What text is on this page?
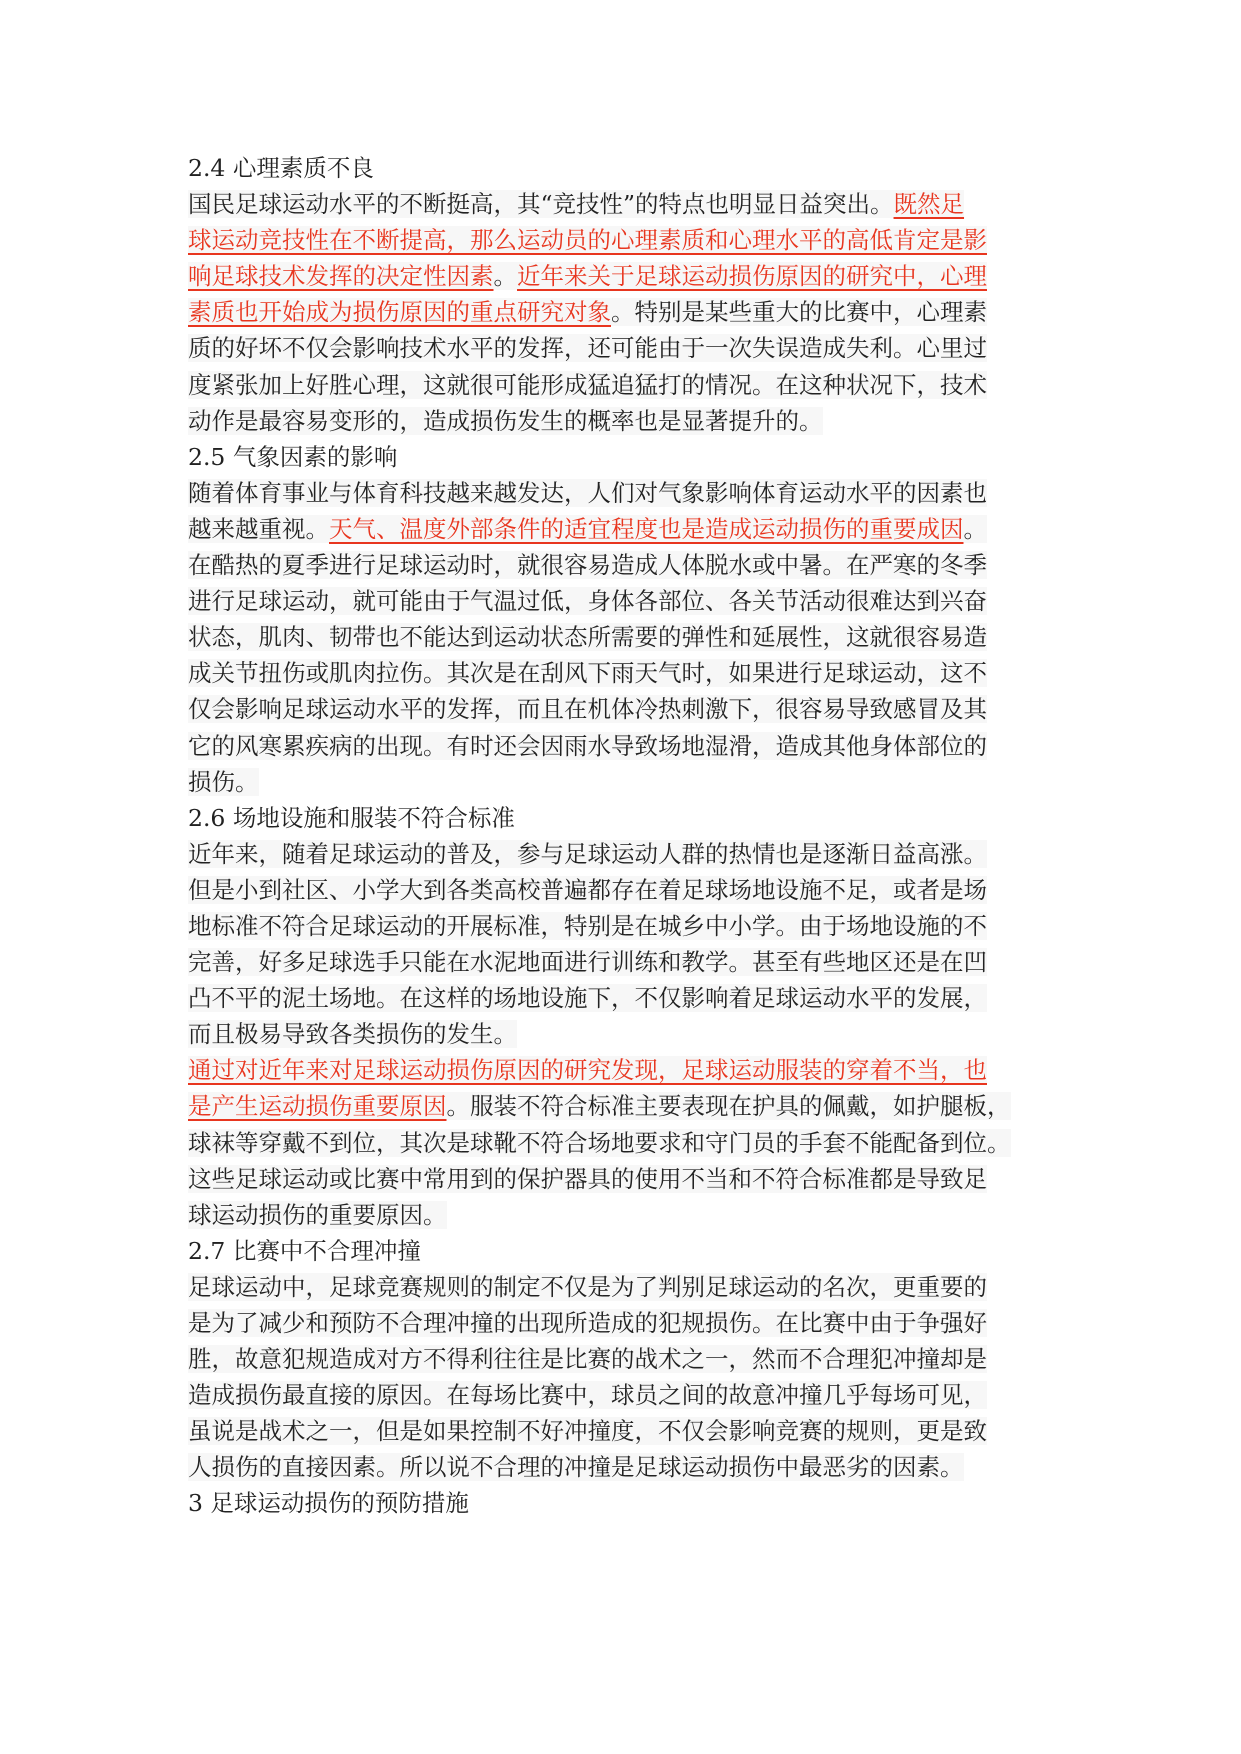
2.4 心理素质不良
国民足球运动水平的不断挺高，其“竞技性”的特点也明显日益突出。既然足
球运动竞技性在不断提高，那么运动员的心理素质和心理水平的高低肯定是影
响足球技术发挥的决定性因素。近年来关于足球运动损伤原因的研究中，心理
素质也开始成为损伤原因的重点研究对象。特别是某些重大的比赛中，心理素
质的好坏不仅会影响技术水平的发挥，还可能由于一次失误造成失利。心里过
度紧张加上好胜心理，这就很可能形成猛追猛打的情况。在这种状况下，技术
动作是最容易变形的，造成损伤发生的概率也是显著提升的。
2.5 气象因素的影响
随着体育事业与体育科技越来越发达，人们对气象影响体育运动水平的因素也
越来越重视。天气、温度外部条件的适宜程度也是造成运动损伤的重要成因。
在酷热的夏季进行足球运动时，就很容易造成人体脱水或中暑。在严寒的冬季
进行足球运动，就可能由于气温过低，身体各部位、各关节活动很难达到兴奋
状态，肌肉、韧带也不能达到运动状态所需要的弹性和延展性，这就很容易造
成关节扭伤或肌肉拉伤。其次是在刮风下雨天气时，如果进行足球运动，这不
仅会影响足球运动水平的发挥，而且在机体冷热刺激下，很容易导致感冒及其
它的风寒累疾病的出现。有时还会因雨水导致场地湿滑，造成其他身体部位的
损伤。
2.6 场地设施和服装不符合标准
近年来，随着足球运动的普及，参与足球运动人群的热情也是逐渐日益高涨。
但是小到社区、小学大到各类高校普遍都存在着足球场地设施不足，或者是场
地标准不符合足球运动的开展标准，特别是在城乡中小学。由于场地设施的不
完善，好多足球选手只能在水泥地面进行训练和教学。甚至有些地区还是在凹
凸不平的泥土场地。在这样的场地设施下，不仅影响着足球运动水平的发展，
而且极易导致各类损伤的发生。
通过对近年来对足球运动损伤原因的研究发现，足球运动服装的穿着不当，也
是产生运动损伤重要原因。服装不符合标准主要表现在护具的佩戴，如护腿板，
球袜等穿戴不到位，其次是球靴不符合场地要求和守门员的手套不能配备到位。
这些足球运动或比赛中常用到的保护器具的使用不当和不符合标准都是导致足
球运动损伤的重要原因。
2.7 比赛中不合理冲撞
足球运动中，足球竞赛规则的制定不仅是为了判别足球运动的名次，更重要的
是为了减少和预防不合理冲撞的出现所造成的犯规损伤。在比赛中由于争强好
胜，故意犯规造成对方不得利往往是比赛的战术之一，然而不合理犯冲撞却是
造成损伤最直接的原因。在每场比赛中，球员之间的故意冲撞几乎每场可见，
虽说是战术之一，但是如果控制不好冲撞度，不仅会影响竞赛的规则，更是致
人损伤的直接因素。所以说不合理的冲撞是足球运动损伤中最恶劣的因素。
3 足球运动损伤的预防措施
